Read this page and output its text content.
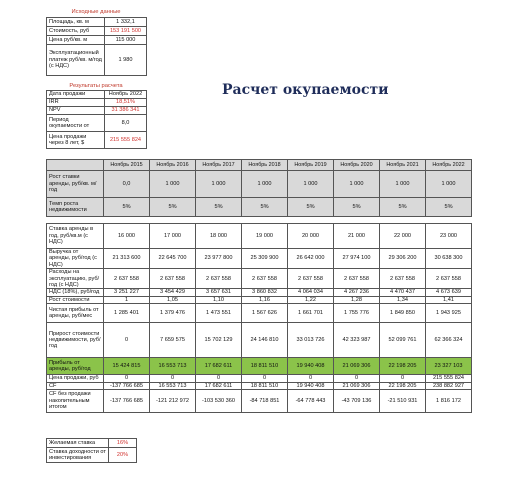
Исходные данные
Площадь, кв. м	1 332,1
Стоимость, руб	153 191 500
Цена руб/кв. м	115 000
Эксплуатационный платеж руб/кв. м/год (с НДС)	1 980
Результаты расчета
Дата продажи	Ноябрь 2022
IRR	18,51%
NPV	31 386 341
Период окупаемости от	8,0
Цена продажи через 8 лет, $	215 555 824
Расчет окупаемости
	Ноябрь 2015	Ноябрь 2016	Ноябрь 2017	Ноябрь 2018	Ноябрь 2019	Ноябрь 2020	Ноябрь 2021	Ноябрь 2022
Рост ставки аренды, руб/кв. м/год	0,0	1 000	1 000	1 000	1 000	1 000	1 000	1 000
Темп роста недвижимости	5%	5%	5%	5%	5%	5%	5%	5%

Ставка аренды в год, руб/кв.м (с НДС)	16 000	17 000	18 000	19 000	20 000	21 000	22 000	23 000
Выручка от аренды, руб/год (с НДС)	21 313 600	22 645 700	23 977 800	25 309 900	26 642 000	27 974 100	29 306 200	30 638 300
Расходы на эксплуатацию, руб/год (с НДС)	2 637 558	2 637 558	2 637 558	2 637 558	2 637 558	2 637 558	2 637 558	2 637 558
НДС (18%), руб/год	3 251 227	3 454 429	3 657 631	3 860 832	4 064 034	4 267 236	4 470 437	4 673 639
Рост стоимости	1	1,05	1,10	1,16	1,22	1,28	1,34	1,41
Чистая прибыль от аренды, руб/мес	1 285 401	1 379 476	1 473 551	1 567 626	1 661 701	1 755 776	1 849 850	1 943 925
Прирост стоимости недвижимости, руб/год	0	7 659 575	15 702 129	24 146 810	33 013 726	42 323 987	52 099 761	62 366 324
Прибыль от аренды, руб/год	15 424 815	16 553 713	17 682 611	18 811 510	19 940 408	21 069 306	22 198 205	23 327 103
Цена продажи, руб	0	0	0	0	0	0	0	215 555 824
CF	-137 766 685	16 553 713	17 682 611	18 811 510	19 940 408	21 069 306	22 198 205	238 882 927
CF без продажи накопительным итогом	-137 766 685	-121 212 972	-103 530 360	-84 718 851	-64 778 443	-43 709 136	-21 510 931	1 816 172
Желаемая ставка	16%
Ставка доходности от инвестирования	20%
